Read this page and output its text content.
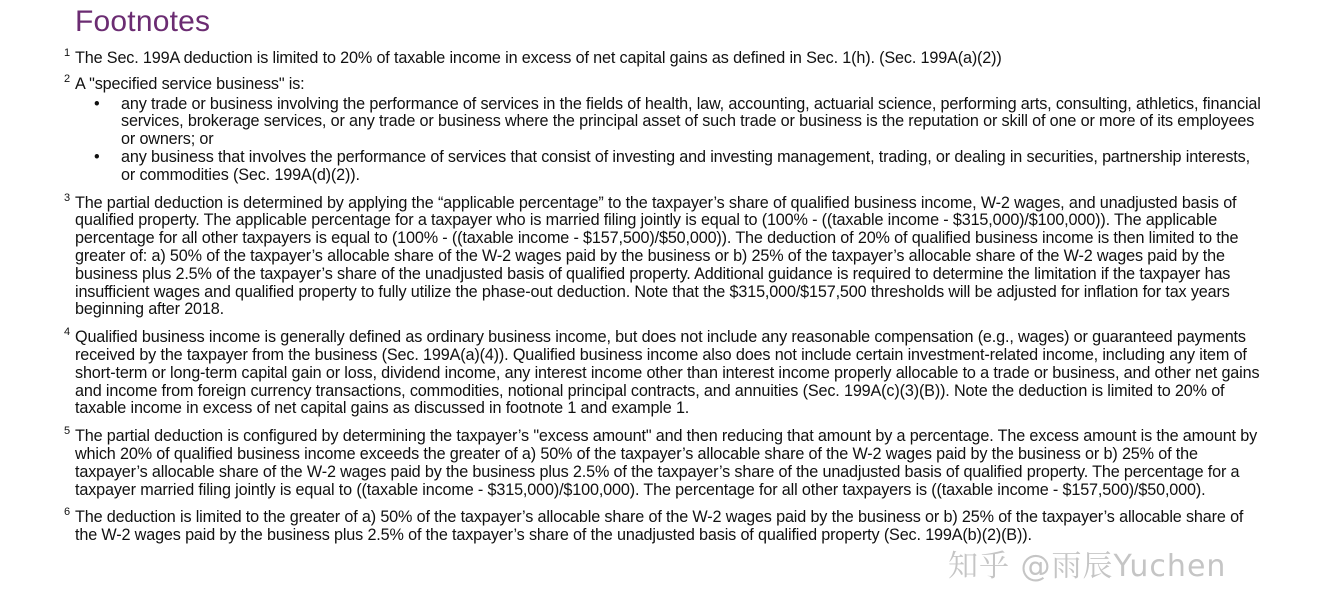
Footnotes
1 The Sec. 199A deduction is limited to 20% of taxable income in excess of net capital gains as defined in Sec. 1(h). (Sec. 199A(a)(2))
2 A "specified service business" is:
• any trade or business involving the performance of services in the fields of health, law, accounting, actuarial science, performing arts, consulting, athletics, financial services, brokerage services, or any trade or business where the principal asset of such trade or business is the reputation or skill of one or more of its employees or owners; or
• any business that involves the performance of services that consist of investing and investing management, trading, or dealing in securities, partnership interests, or commodities (Sec. 199A(d)(2)).
3 The partial deduction is determined by applying the “applicable percentage” to the taxpayer’s share of qualified business income, W-2 wages, and unadjusted basis of qualified property. The applicable percentage for a taxpayer who is married filing jointly is equal to (100% - ((taxable income - $315,000)/$100,000)). The applicable percentage for all other taxpayers is equal to (100% - ((taxable income - $157,500)/$50,000)). The deduction of 20% of qualified business income is then limited to the greater of: a) 50% of the taxpayer’s allocable share of the W-2 wages paid by the business or b) 25% of the taxpayer’s allocable share of the W-2 wages paid by the business plus 2.5% of the taxpayer’s share of the unadjusted basis of qualified property. Additional guidance is required to determine the limitation if the taxpayer has insufficient wages and qualified property to fully utilize the phase-out deduction. Note that the $315,000/$157,500 thresholds will be adjusted for inflation for tax years beginning after 2018.
4 Qualified business income is generally defined as ordinary business income, but does not include any reasonable compensation (e.g., wages) or guaranteed payments received by the taxpayer from the business (Sec. 199A(a)(4)). Qualified business income also does not include certain investment-related income, including any item of short-term or long-term capital gain or loss, dividend income, any interest income other than interest income properly allocable to a trade or business, and other net gains and income from foreign currency transactions, commodities, notional principal contracts, and annuities (Sec. 199A(c)(3)(B)). Note the deduction is limited to 20% of taxable income in excess of net capital gains as discussed in footnote 1 and example 1.
5 The partial deduction is configured by determining the taxpayer’s "excess amount" and then reducing that amount by a percentage. The excess amount is the amount by which 20% of qualified business income exceeds the greater of a) 50% of the taxpayer’s allocable share of the W-2 wages paid by the business or b) 25% of the taxpayer’s allocable share of the W-2 wages paid by the business plus 2.5% of the taxpayer’s share of the unadjusted basis of qualified property. The percentage for a taxpayer married filing jointly is equal to ((taxable income - $315,000)/$100,000). The percentage for all other taxpayers is ((taxable income - $157,500)/$50,000).
6 The deduction is limited to the greater of a) 50% of the taxpayer’s allocable share of the W-2 wages paid by the business or b) 25% of the taxpayer’s allocable share of the W-2 wages paid by the business plus 2.5% of the taxpayer’s share of the unadjusted basis of qualified property (Sec. 199A(b)(2)(B)).
知乎 @雨辰Yuchen
